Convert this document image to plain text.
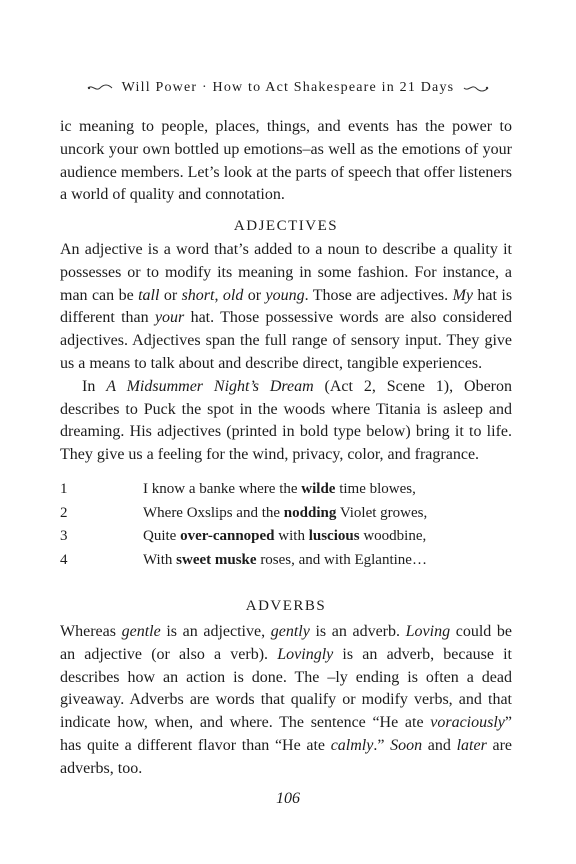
Will Power · How to Act Shakespeare in 21 Days

ic meaning to people, places, things, and events has the power to uncork your own bottled up emotions–as well as the emotions of your audience members. Let’s look at the parts of speech that offer listeners a world of quality and connotation.

ADJECTIVES

An adjective is a word that’s added to a noun to describe a quality it possesses or to modify its meaning in some fashion. For instance, a man can be tall or short, old or young. Those are adjectives. My hat is different than your hat. Those possessive words are also considered adjectives. Adjectives span the full range of sensory input. They give us a means to talk about and describe direct, tangible experiences.

In A Midsummer Night’s Dream (Act 2, Scene 1), Oberon describes to Puck the spot in the woods where Titania is asleep and dreaming. His adjectives (printed in bold type below) bring it to life. They give us a feeling for the wind, privacy, color, and fragrance.

1	I know a banke where the wilde time blowes,
2	Where Oxslips and the nodding Violet growes,
3	Quite over-cannoped with luscious woodbine,
4	With sweet muske roses, and with Eglantine…
ADVERBS

Whereas gentle is an adjective, gently is an adverb. Loving could be an adjective (or also a verb). Lovingly is an adverb, because it describes how an action is done. The –ly ending is often a dead giveaway. Adverbs are words that qualify or modify verbs, and that indicate how, when, and where. The sentence “He ate voraciously” has quite a different flavor than “He ate calmly.” Soon and later are adverbs, too.

106
